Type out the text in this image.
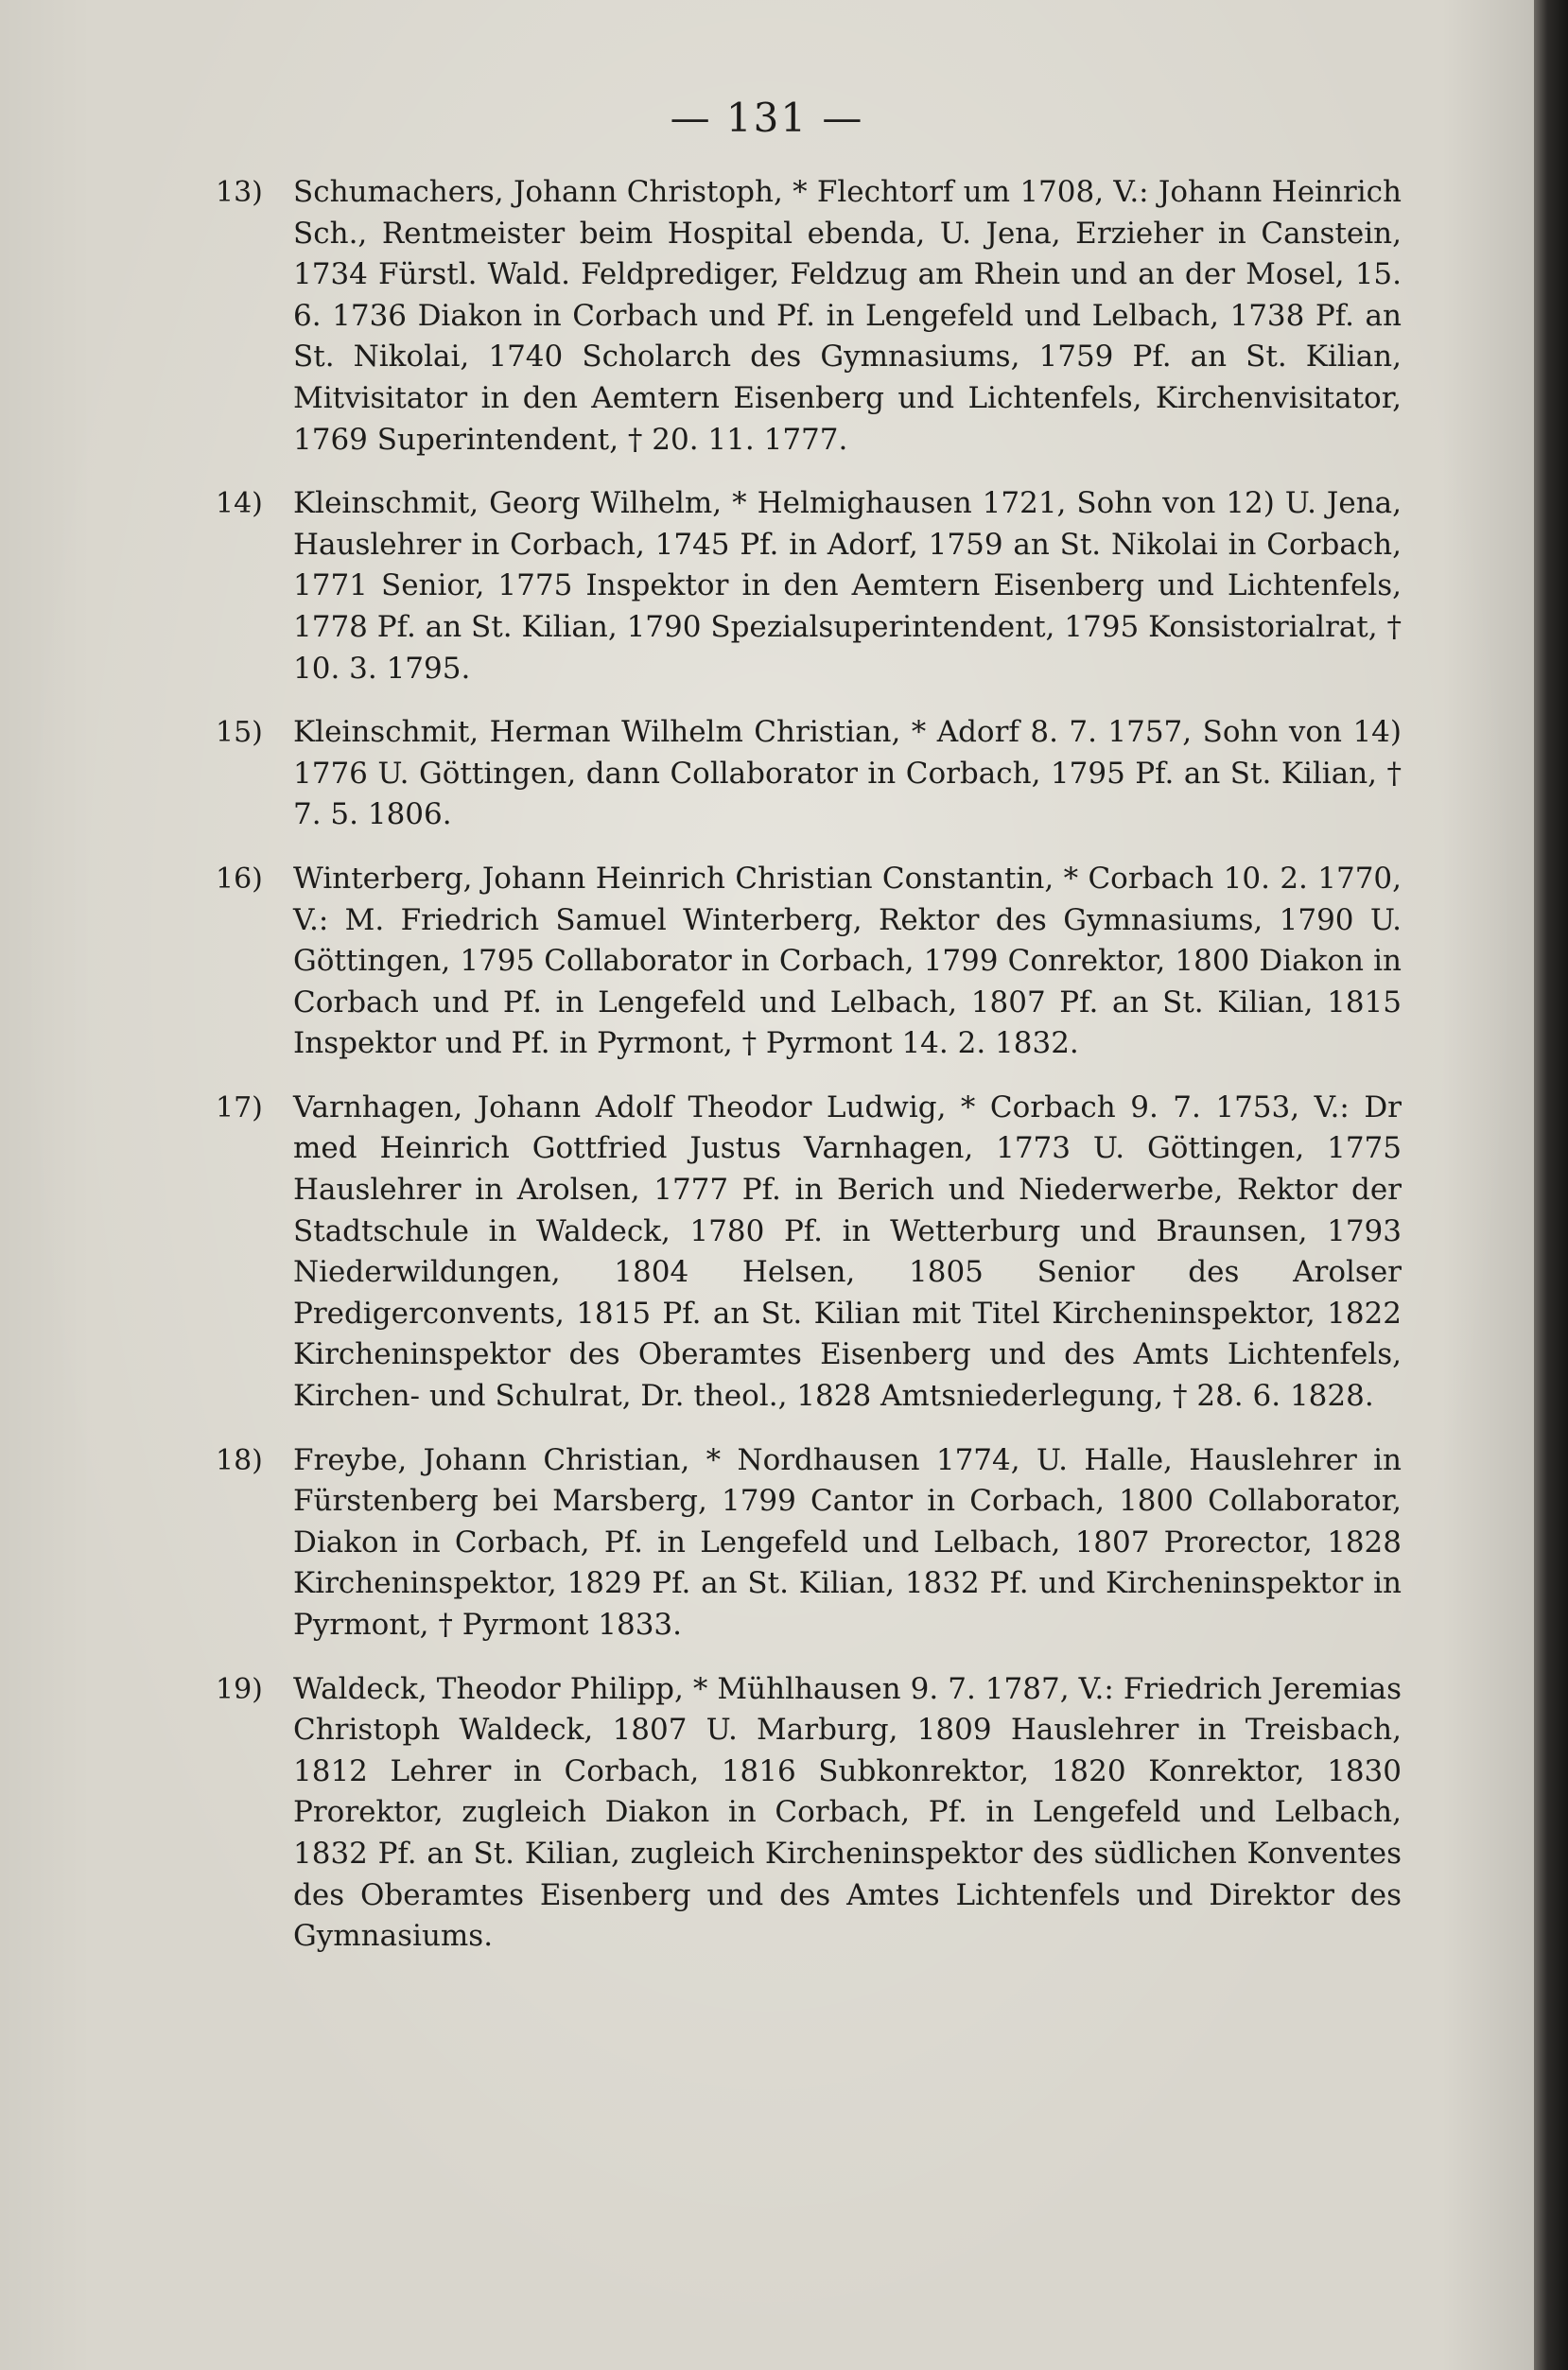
— 131 —
13)	Schumachers, Johann Christoph, * Flechtorf um 1708, V.: Johann Heinrich Sch., Rentmeister beim Hospital ebenda, U. Jena, Erzieher in Canstein, 1734 Fürstl. Wald. Feldprediger, Feldzug am Rhein und an der Mosel, 15. 6. 1736 Diakon in Corbach und Pf. in Lengefeld und Lelbach, 1738 Pf. an St. Nikolai, 1740 Scholarch des Gymnasiums, 1759 Pf. an St. Kilian, Mitvisitator in den Aemtern Eisenberg und Lichtenfels, Kirchenvisitator, 1769 Superintendent, † 20. 11. 1777.
14)	Kleinschmit, Georg Wilhelm, * Helmighausen 1721, Sohn von 12) U. Jena, Hauslehrer in Corbach, 1745 Pf. in Adorf, 1759 an St. Nikolai in Corbach, 1771 Senior, 1775 Inspektor in den Aemtern Eisenberg und Lichtenfels, 1778 Pf. an St. Kilian, 1790 Spezialsuperintendent, 1795 Konsistorialrat, † 10. 3. 1795.
15)	Kleinschmit, Herman Wilhelm Christian, * Adorf 8. 7. 1757, Sohn von 14) 1776 U. Göttingen, dann Collaborator in Corbach, 1795 Pf. an St. Kilian, † 7. 5. 1806.
16)	Winterberg, Johann Heinrich Christian Constantin, * Corbach 10. 2. 1770, V.: M. Friedrich Samuel Winterberg, Rektor des Gymnasiums, 1790 U. Göttingen, 1795 Collaborator in Corbach, 1799 Conrektor, 1800 Diakon in Corbach und Pf. in Lengefeld und Lelbach, 1807 Pf. an St. Kilian, 1815 Inspektor und Pf. in Pyrmont, † Pyrmont 14. 2. 1832.
17)	Varnhagen, Johann Adolf Theodor Ludwig, * Corbach 9. 7. 1753, V.: Dr med Heinrich Gottfried Justus Varnhagen, 1773 U. Göttingen, 1775 Hauslehrer in Arolsen, 1777 Pf. in Berich und Niederwerbe, Rektor der Stadtschule in Waldeck, 1780 Pf. in Wetterburg und Braunsen, 1793 Niederwildungen, 1804 Helsen, 1805 Senior des Arolser Predigerconvents, 1815 Pf. an St. Kilian mit Titel Kircheninspektor, 1822 Kircheninspektor des Oberamtes Eisenberg und des Amts Lichtenfels, Kirchen- und Schulrat, Dr. theol., 1828 Amtsniederlegung, † 28. 6. 1828.
18)	Freybe, Johann Christian, * Nordhausen 1774, U. Halle, Hauslehrer in Fürstenberg bei Marsberg, 1799 Cantor in Corbach, 1800 Collaborator, Diakon in Corbach, Pf. in Lengefeld und Lelbach, 1807 Prorector, 1828 Kircheninspektor, 1829 Pf. an St. Kilian, 1832 Pf. und Kircheninspektor in Pyrmont, † Pyrmont 1833.
19)	Waldeck, Theodor Philipp, * Mühlhausen 9. 7. 1787, V.: Friedrich Jeremias Christoph Waldeck, 1807 U. Marburg, 1809 Hauslehrer in Treisbach, 1812 Lehrer in Corbach, 1816 Subkonrektor, 1820 Konrektor, 1830 Prorektor, zugleich Diakon in Corbach, Pf. in Lengefeld und Lelbach, 1832 Pf. an St. Kilian, zugleich Kircheninspektor des südlichen Konventes des Oberamtes Eisenberg und des Amtes Lichtenfels und Direktor des Gymnasiums.
